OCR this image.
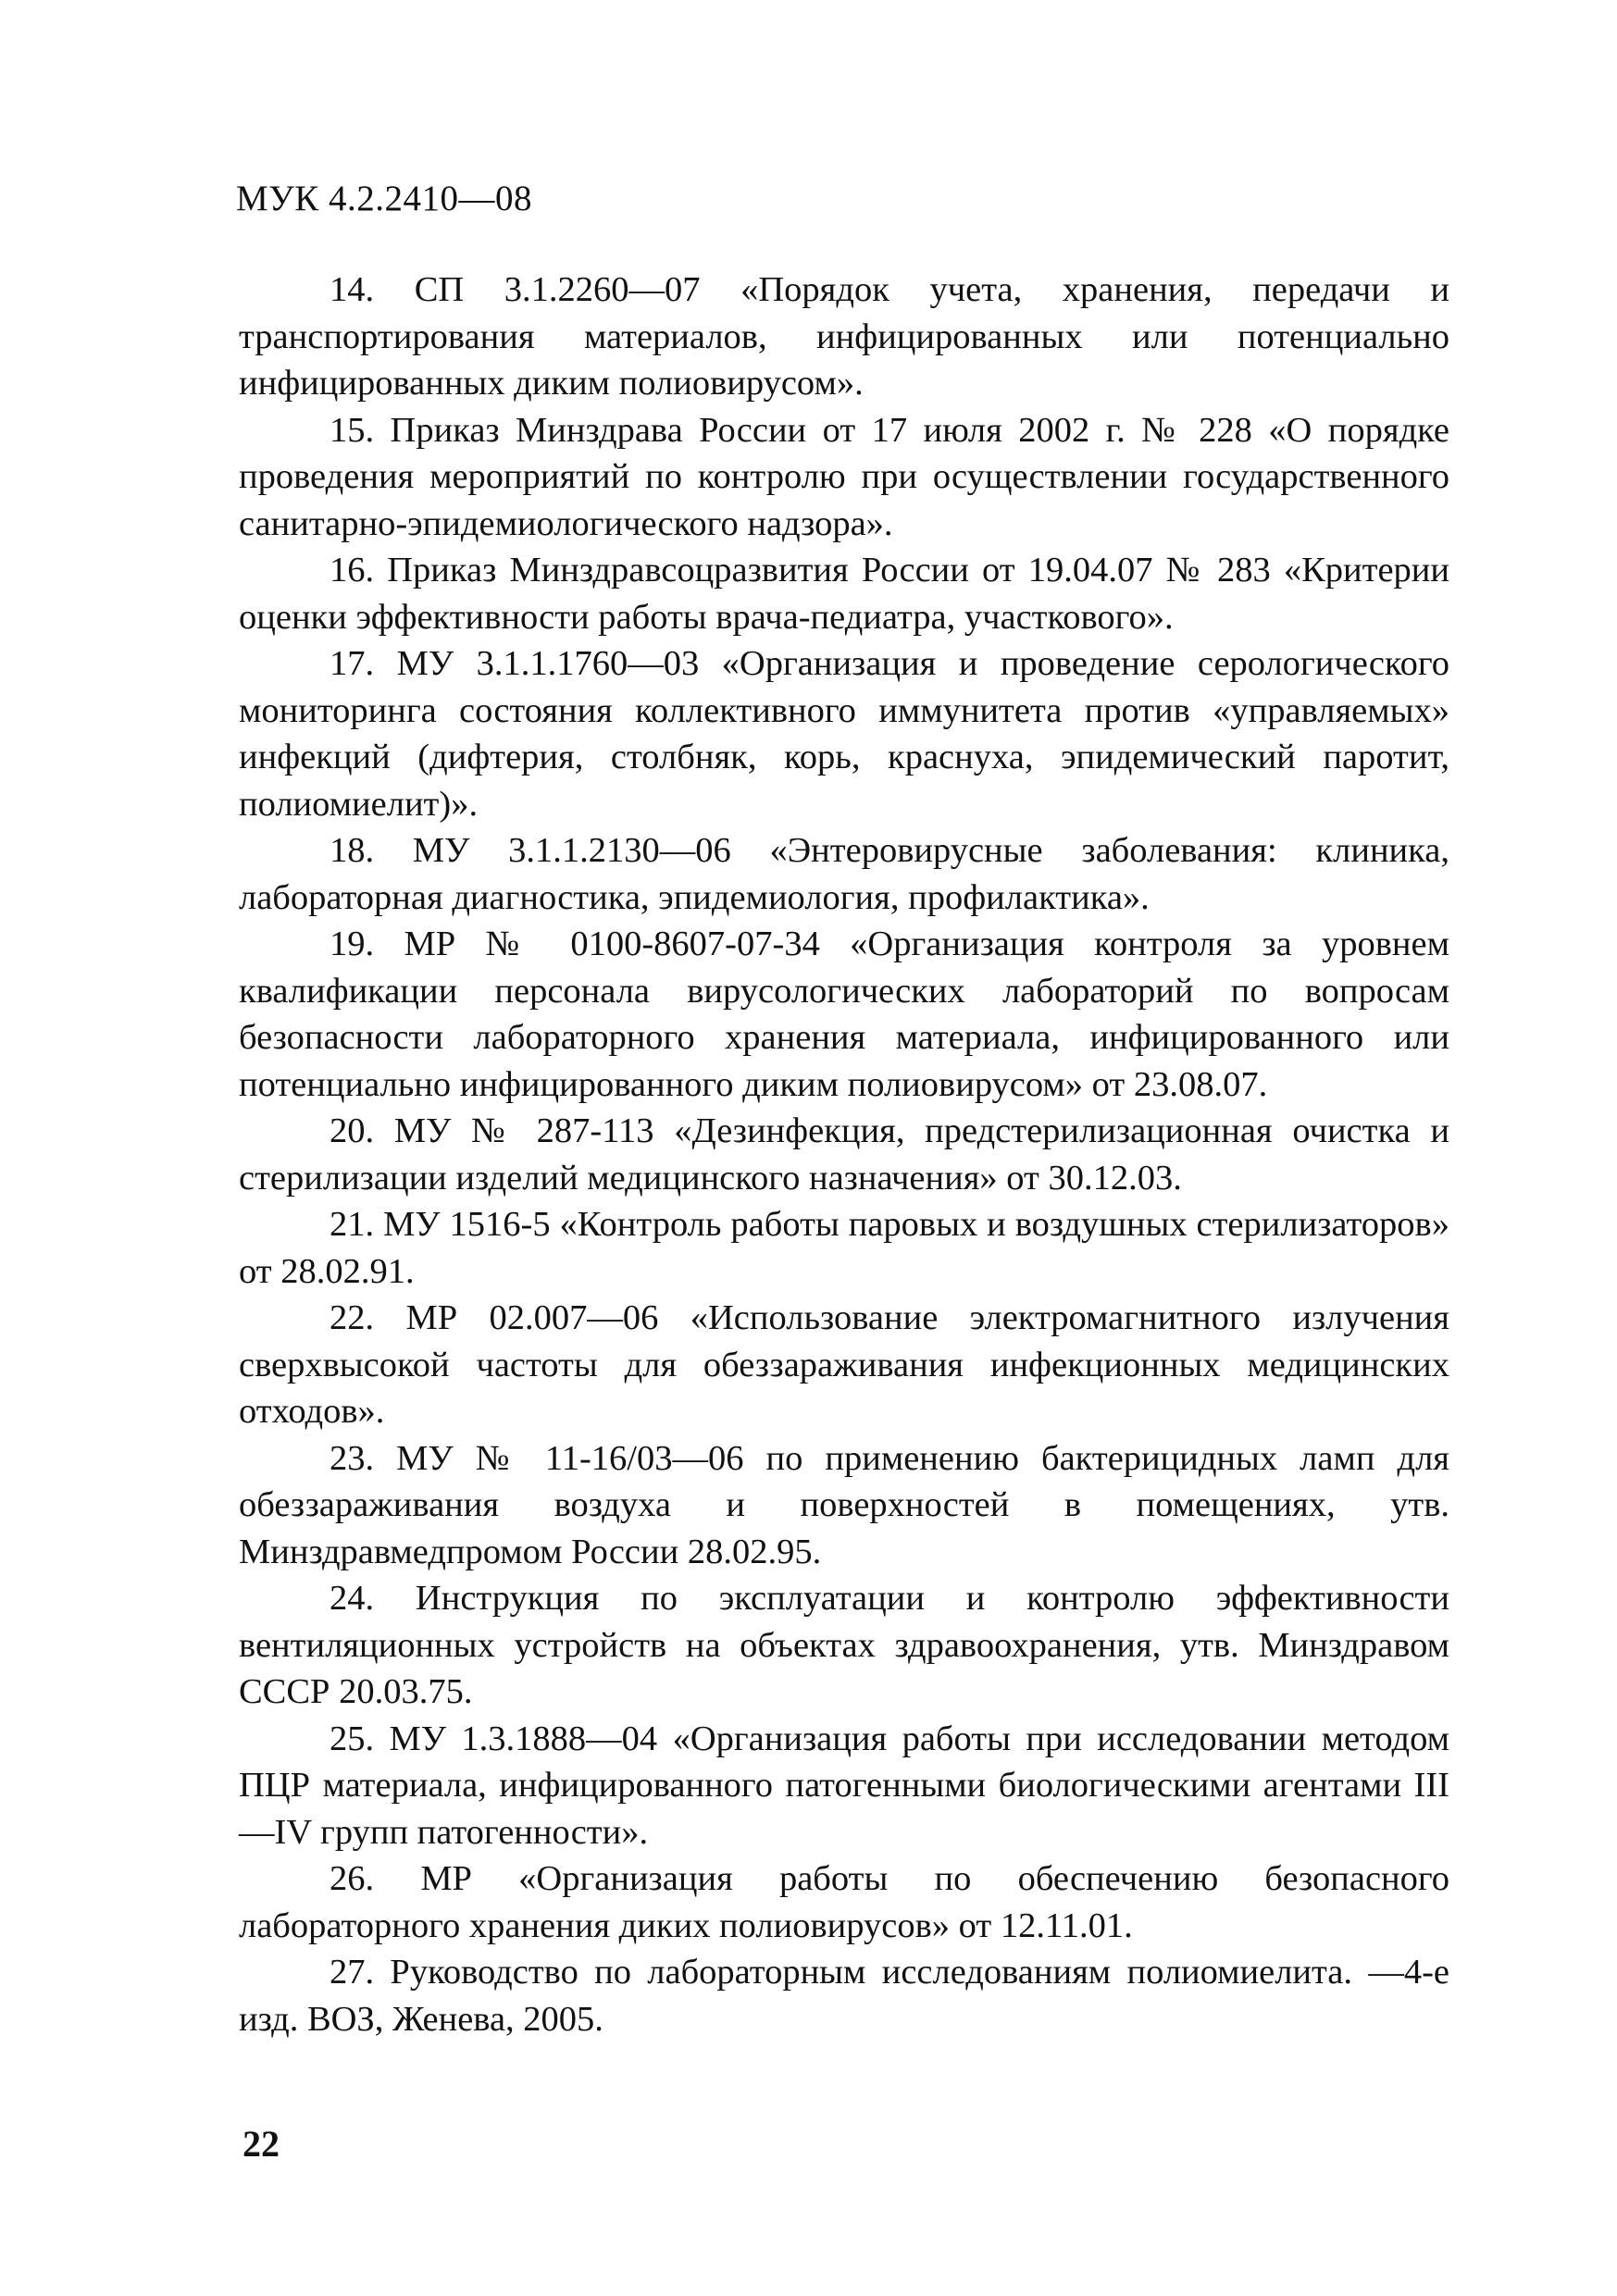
МУК 4.2.2410—08
14. СП 3.1.2260—07 «Порядок учета, хранения, передачи и транспортирования материалов, инфицированных или потенциально инфицированных диким полиовирусом».
15. Приказ Минздрава России от 17 июля 2002 г. № 228 «О порядке проведения мероприятий по контролю при осуществлении государственного санитарно-эпидемиологического надзора».
16. Приказ Минздравсоцразвития России от 19.04.07 № 283 «Критерии оценки эффективности работы врача-педиатра, участкового».
17. МУ 3.1.1.1760—03 «Организация и проведение серологического мониторинга состояния коллективного иммунитета против «управляемых» инфекций (дифтерия, столбняк, корь, краснуха, эпидемический паротит, полиомиелит)».
18. МУ 3.1.1.2130—06 «Энтеровирусные заболевания: клиника, лабораторная диагностика, эпидемиология, профилактика».
19. МР № 0100-8607-07-34 «Организация контроля за уровнем квалификации персонала вирусологических лабораторий по вопросам безопасности лабораторного хранения материала, инфицированного или потенциально инфицированного диким полиовирусом» от 23.08.07.
20. МУ № 287-113 «Дезинфекция, предстерилизационная очистка и стерилизации изделий медицинского назначения» от 30.12.03.
21. МУ 1516-5 «Контроль работы паровых и воздушных стерилизаторов» от 28.02.91.
22. МР 02.007—06 «Использование электромагнитного излучения сверхвысокой частоты для обеззараживания инфекционных медицинских отходов».
23. МУ № 11-16/03—06 по применению бактерицидных ламп для обеззараживания воздуха и поверхностей в помещениях, утв. Минздравмедпромом России 28.02.95.
24. Инструкция по эксплуатации и контролю эффективности вентиляционных устройств на объектах здравоохранения, утв. Минздравом СССР 20.03.75.
25. МУ 1.3.1888—04 «Организация работы при исследовании методом ПЦР материала, инфицированного патогенными биологическими агентами III—IV групп патогенности».
26. МР «Организация работы по обеспечению безопасного лабораторного хранения диких полиовирусов» от 12.11.01.
27. Руководство по лабораторным исследованиям полиомиелита. —4-е изд. ВОЗ, Женева, 2005.
22
